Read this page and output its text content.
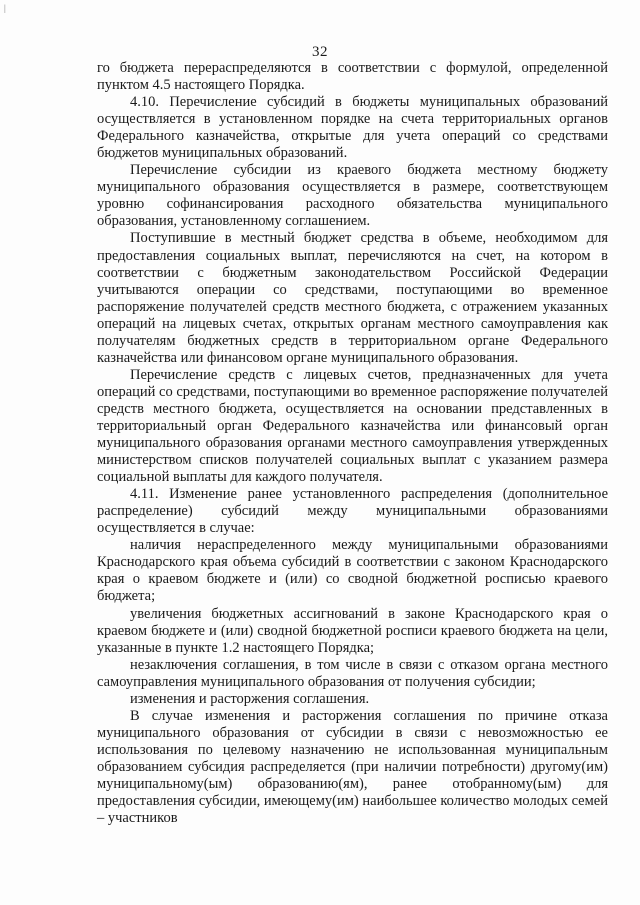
|
32

го бюджета перераспределяются в соответствии с формулой, определенной пунктом 4.5 настоящего Порядка.

4.10. Перечисление субсидий в бюджеты муниципальных образований осуществляется в установленном порядке на счета территориальных органов Федерального казначейства, открытые для учета операций со средствами бюджетов муниципальных образований.

Перечисление субсидии из краевого бюджета местному бюджету муниципального образования осуществляется в размере, соответствующем уровню софинансирования расходного обязательства муниципального образования, установленному соглашением.

Поступившие в местный бюджет средства в объеме, необходимом для предоставления социальных выплат, перечисляются на счет, на котором в соответствии с бюджетным законодательством Российской Федерации учитываются операции со средствами, поступающими во временное распоряжение получателей средств местного бюджета, с отражением указанных операций на лицевых счетах, открытых органам местного самоуправления как получателям бюджетных средств в территориальном органе Федерального казначейства или финансовом органе муниципального образования.

Перечисление средств с лицевых счетов, предназначенных для учета операций со средствами, поступающими во временное распоряжение получателей средств местного бюджета, осуществляется на основании представленных в территориальный орган Федерального казначейства или финансовый орган муниципального образования органами местного самоуправления утвержденных министерством списков получателей социальных выплат с указанием размера социальной выплаты для каждого получателя.

4.11. Изменение ранее установленного распределения (дополнительное распределение) субсидий между муниципальными образованиями осуществляется в случае:

наличия нераспределенного между муниципальными образованиями Краснодарского края объема субсидий в соответствии с законом Краснодарского края о краевом бюджете и (или) со сводной бюджетной росписью краевого бюджета;

увеличения бюджетных ассигнований в законе Краснодарского края о краевом бюджете и (или) сводной бюджетной росписи краевого бюджета на цели, указанные в пункте 1.2 настоящего Порядка;

незаключения соглашения, в том числе в связи с отказом органа местного самоуправления муниципального образования от получения субсидии;

изменения и расторжения соглашения.

В случае изменения и расторжения соглашения по причине отказа муниципального образования от субсидии в связи с невозможностью ее использования по целевому назначению не использованная муниципальным образованием субсидия распределяется (при наличии потребности) другому(им) муниципальному(ым) образованию(ям), ранее отобранному(ым) для предоставления субсидии, имеющему(им) наибольшее количество молодых семей – участников
